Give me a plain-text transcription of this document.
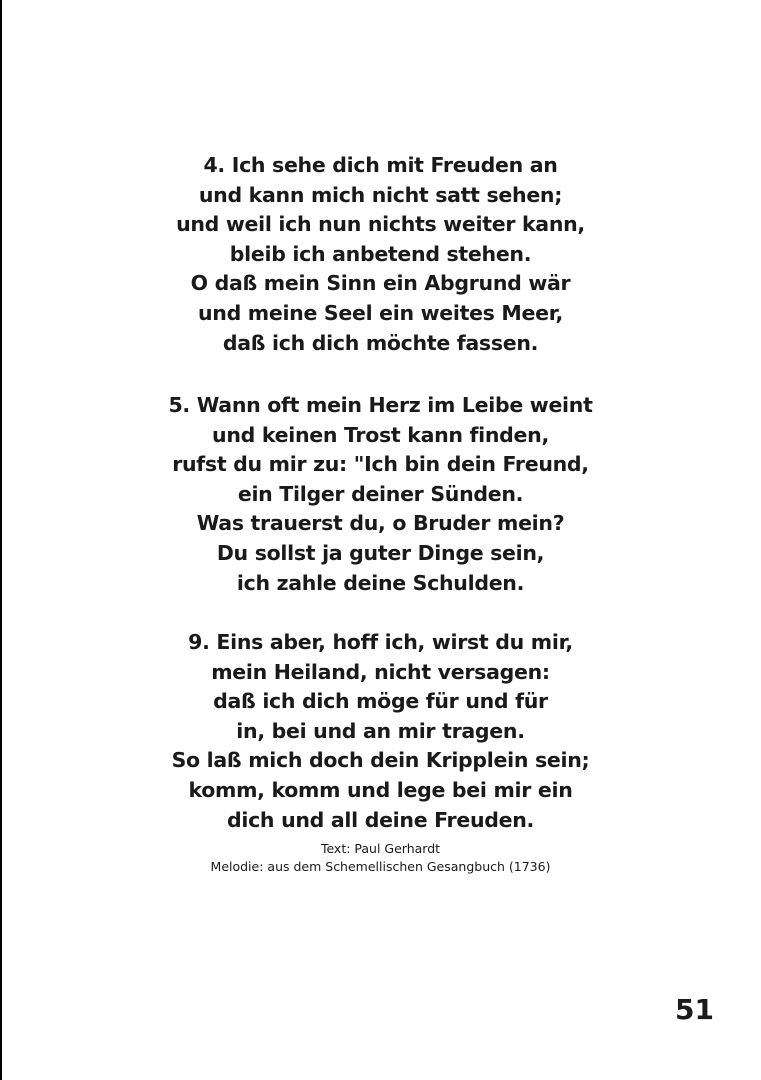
4. Ich sehe dich mit Freuden an
und kann mich nicht satt sehen;
und weil ich nun nichts weiter kann,
bleib ich anbetend stehen.
O daß mein Sinn ein Abgrund wär
und meine Seel ein weites Meer,
daß ich dich möchte fassen.
5. Wann oft mein Herz im Leibe weint
und keinen Trost kann finden,
rufst du mir zu: "Ich bin dein Freund,
ein Tilger deiner Sünden.
Was trauerst du, o Bruder mein?
Du sollst ja guter Dinge sein,
ich zahle deine Schulden.
9. Eins aber, hoff ich, wirst du mir,
mein Heiland, nicht versagen:
daß ich dich möge für und für
in, bei und an mir tragen.
So laß mich doch dein Kripplein sein;
komm, komm und lege bei mir ein
dich und all deine Freuden.
Text: Paul Gerhardt
Melodie: aus dem Schemellischen Gesangbuch (1736)
51
